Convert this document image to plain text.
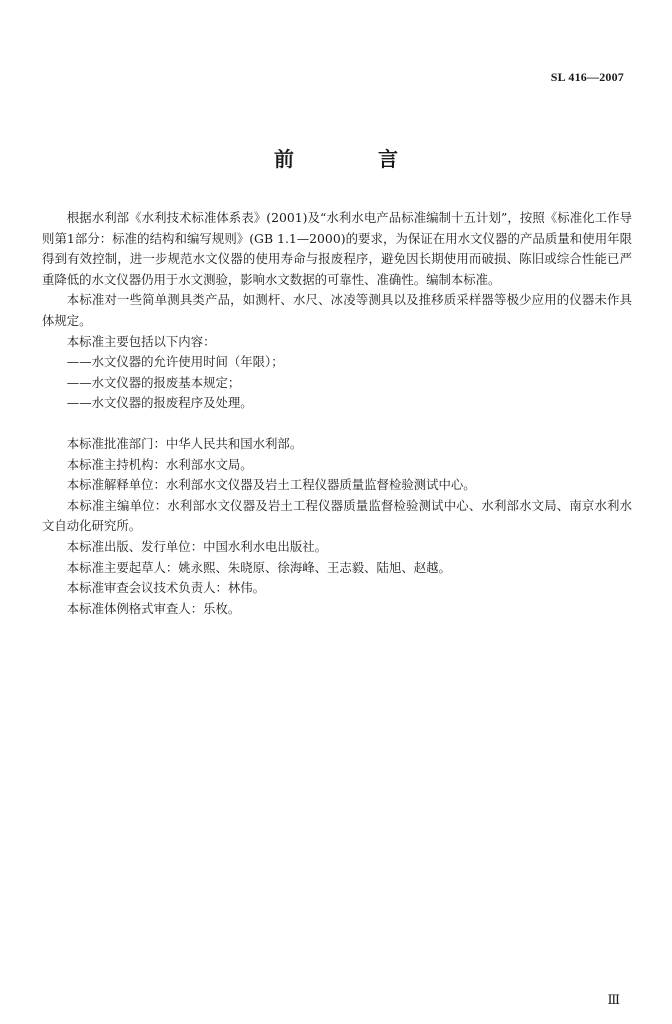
SL 416—2007
前　言

根据水利部《水利技术标准体系表》(2001)及“水利水电产品标准编制十五计划”，按照《标准化工作导则第1部分：标准的结构和编写规则》(GB 1.1—2000)的要求，为保证在用水文仪器的产品质量和使用年限得到有效控制，进一步规范水文仪器的使用寿命与报废程序，避免因长期使用而破损、陈旧或综合性能已严重降低的水文仪器仍用于水文测验，影响水文数据的可靠性、准确性。编制本标准。

本标准对一些简单测具类产品，如测杆、水尺、冰凌等测具以及推移质采样器等极少应用的仪器未作具体规定。

本标准主要包括以下内容：

——水文仪器的允许使用时间（年限）；

——水文仪器的报废基本规定；

——水文仪器的报废程序及处理。

本标准批准部门：中华人民共和国水利部。

本标准主持机构：水利部水文局。

本标准解释单位：水利部水文仪器及岩土工程仪器质量监督检验测试中心。

本标准主编单位：水利部水文仪器及岩土工程仪器质量监督检验测试中心、水利部水文局、南京水利水文自动化研究所。

本标准出版、发行单位：中国水利水电出版社。

本标准主要起草人：姚永熙、朱晓原、徐海峰、王志毅、陆旭、赵越。

本标准审查会议技术负责人：林伟。

本标准体例格式审查人：乐枚。

Ⅲ
